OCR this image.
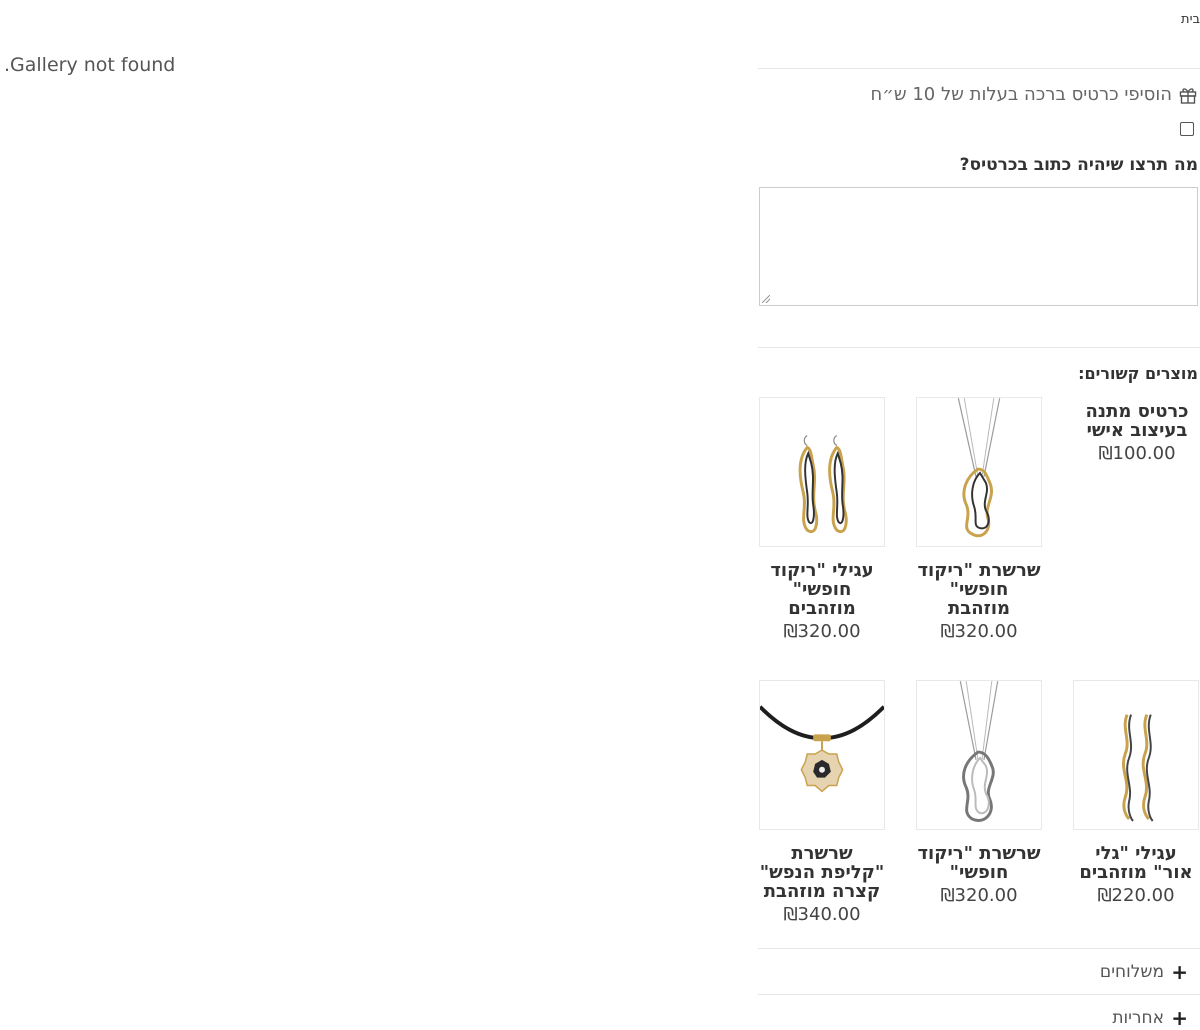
בית
.Gallery not found
הוסיפי כרטיס ברכה בעלות של 10 ש״ח
מה תרצו שיהיה כתוב בכרטיס?
מוצרים קשורים:
כרטיס מתנה בעיצוב אישי
₪100.00
שרשרת "ריקוד חופשי" מוזהבת
₪320.00
עגילי "ריקוד חופשי" מוזהבים
₪320.00
עגילי "גלי אור" מוזהבים
₪220.00
שרשרת "ריקוד חופשי"
₪320.00
שרשרת "קליפת הנפש" קצרה מוזהבת
₪340.00
+
משלוחים
+
אחריות
